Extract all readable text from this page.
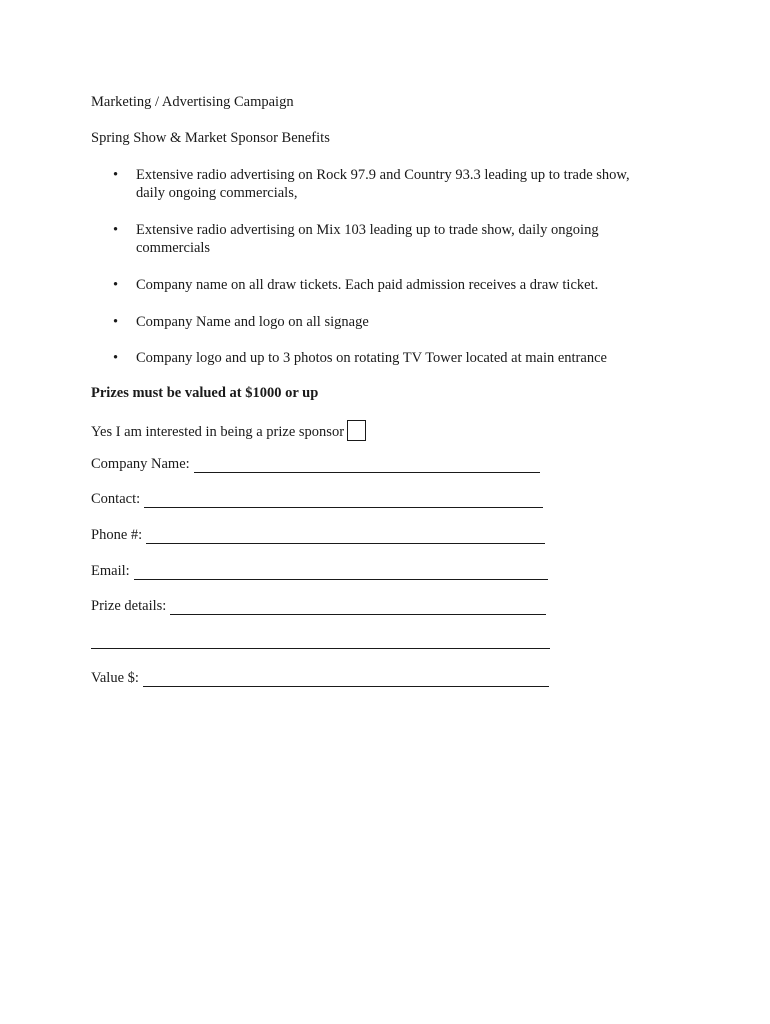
Marketing / Advertising Campaign
Spring Show & Market Sponsor Benefits
• Extensive radio advertising on Rock 97.9 and Country 93.3 leading up to trade show,
daily ongoing commercials,
• Extensive radio advertising on Mix 103 leading up to trade show, daily ongoing
commercials
• Company name on all draw tickets. Each paid admission receives a draw ticket.
• Company Name and logo on all signage
• Company logo and up to 3 photos on rotating TV Tower located at main entrance
Prizes must be valued at $1000 or up
Yes I am interested in being a prize sponsor
Company Name:
Contact:
Phone #:
Email:
Prize details:
Value $:
